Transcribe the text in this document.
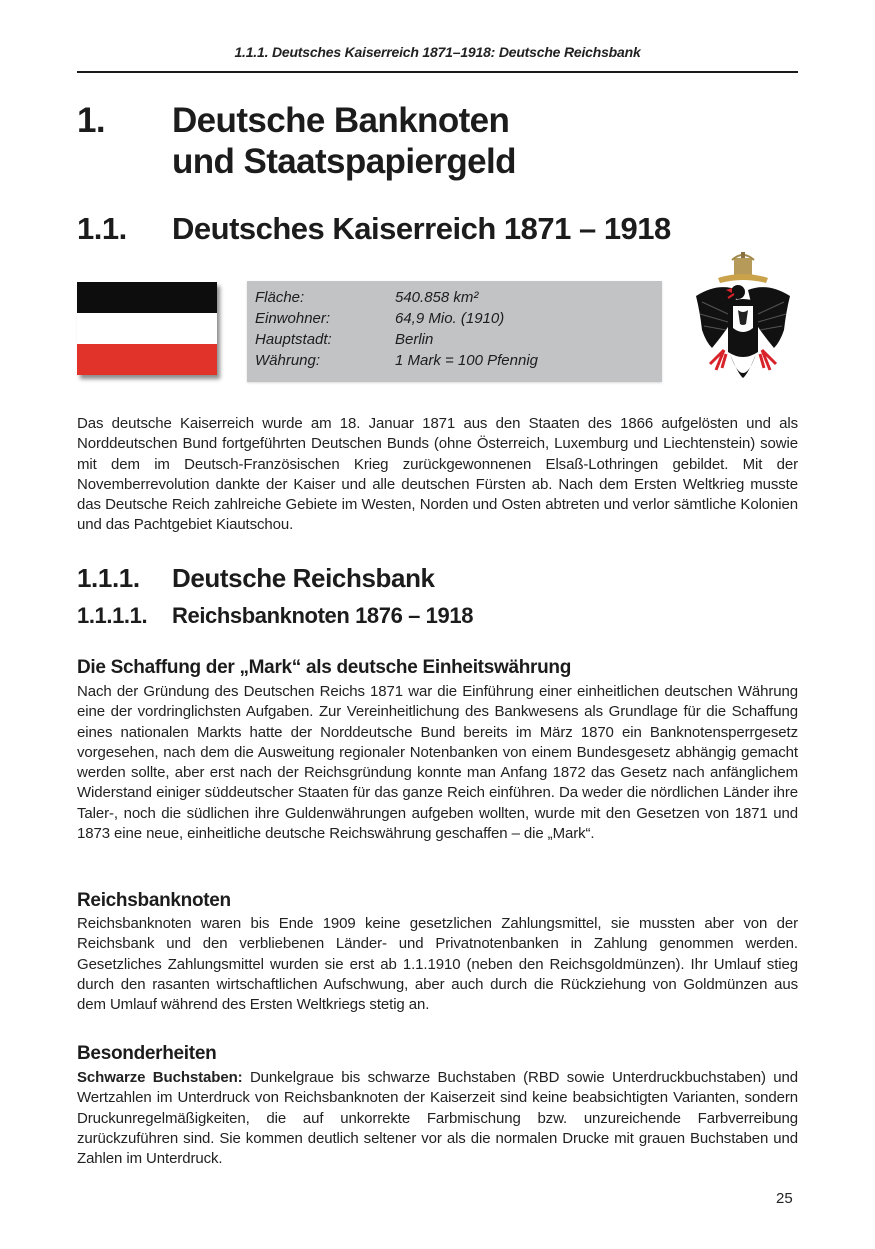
1.1.1. Deutsches Kaiserreich 1871–1918: Deutsche Reichsbank
1. Deutsche Banknoten
und Staatspapiergeld
1.1. Deutsches Kaiserreich 1871 – 1918
Fläche:	540.858 km²
Einwohner:	64,9 Mio. (1910)
Hauptstadt:	Berlin
Währung:	1 Mark = 100 Pfennig
Das deutsche Kaiserreich wurde am 18. Januar 1871 aus den Staaten des 1866 aufgelösten und als Norddeutschen Bund fortgeführten Deutschen Bunds (ohne Österreich, Luxemburg und Liechtenstein) sowie mit dem im Deutsch-Französischen Krieg zurückgewonnenen Elsaß-Lothringen gebildet. Mit der Novemberrevolution dankte der Kaiser und alle deutschen Fürsten ab. Nach dem Ersten Weltkrieg musste das Deutsche Reich zahlreiche Gebiete im Westen, Norden und Osten abtreten und verlor sämtliche Kolonien und das Pachtgebiet Kiautschou.
1.1.1. Deutsche Reichsbank
1.1.1.1. Reichsbanknoten 1876 – 1918
Die Schaffung der „Mark“ als deutsche Einheitswährung
Nach der Gründung des Deutschen Reichs 1871 war die Einführung einer einheitlichen deutschen Währung eine der vordringlichsten Aufgaben. Zur Vereinheitlichung des Bankwesens als Grundlage für die Schaffung eines nationalen Markts hatte der Norddeutsche Bund bereits im März 1870 ein Banknotensperrgesetz vorgesehen, nach dem die Ausweitung regionaler Notenbanken von einem Bundesgesetz abhängig gemacht werden sollte, aber erst nach der Reichsgründung konnte man Anfang 1872 das Gesetz nach anfänglichem Widerstand einiger süddeutscher Staaten für das ganze Reich einführen. Da weder die nördlichen Länder ihre Taler-, noch die südlichen ihre Guldenwährungen aufgeben wollten, wurde mit den Gesetzen von 1871 und 1873 eine neue, einheitliche deutsche Reichswährung geschaffen – die „Mark“.
Reichsbanknoten
Reichsbanknoten waren bis Ende 1909 keine gesetzlichen Zahlungsmittel, sie mussten aber von der Reichsbank und den verbliebenen Länder- und Privatnotenbanken in Zahlung genommen werden. Gesetzliches Zahlungsmittel wurden sie erst ab 1.1.1910 (neben den Reichsgoldmünzen). Ihr Umlauf stieg durch den rasanten wirtschaftlichen Aufschwung, aber auch durch die Rückziehung von Goldmünzen aus dem Umlauf während des Ersten Weltkriegs stetig an.
Besonderheiten
Schwarze Buchstaben: Dunkelgraue bis schwarze Buchstaben (RBD sowie Unterdruckbuchstaben) und Wertzahlen im Unterdruck von Reichsbanknoten der Kaiserzeit sind keine beabsichtigten Varianten, sondern Druckunregelmäßigkeiten, die auf unkorrekte Farbmischung bzw. unzureichende Farbverreibung zurückzuführen sind. Sie kommen deutlich seltener vor als die normalen Drucke mit grauen Buchstaben und Zahlen im Unterdruck.
25
